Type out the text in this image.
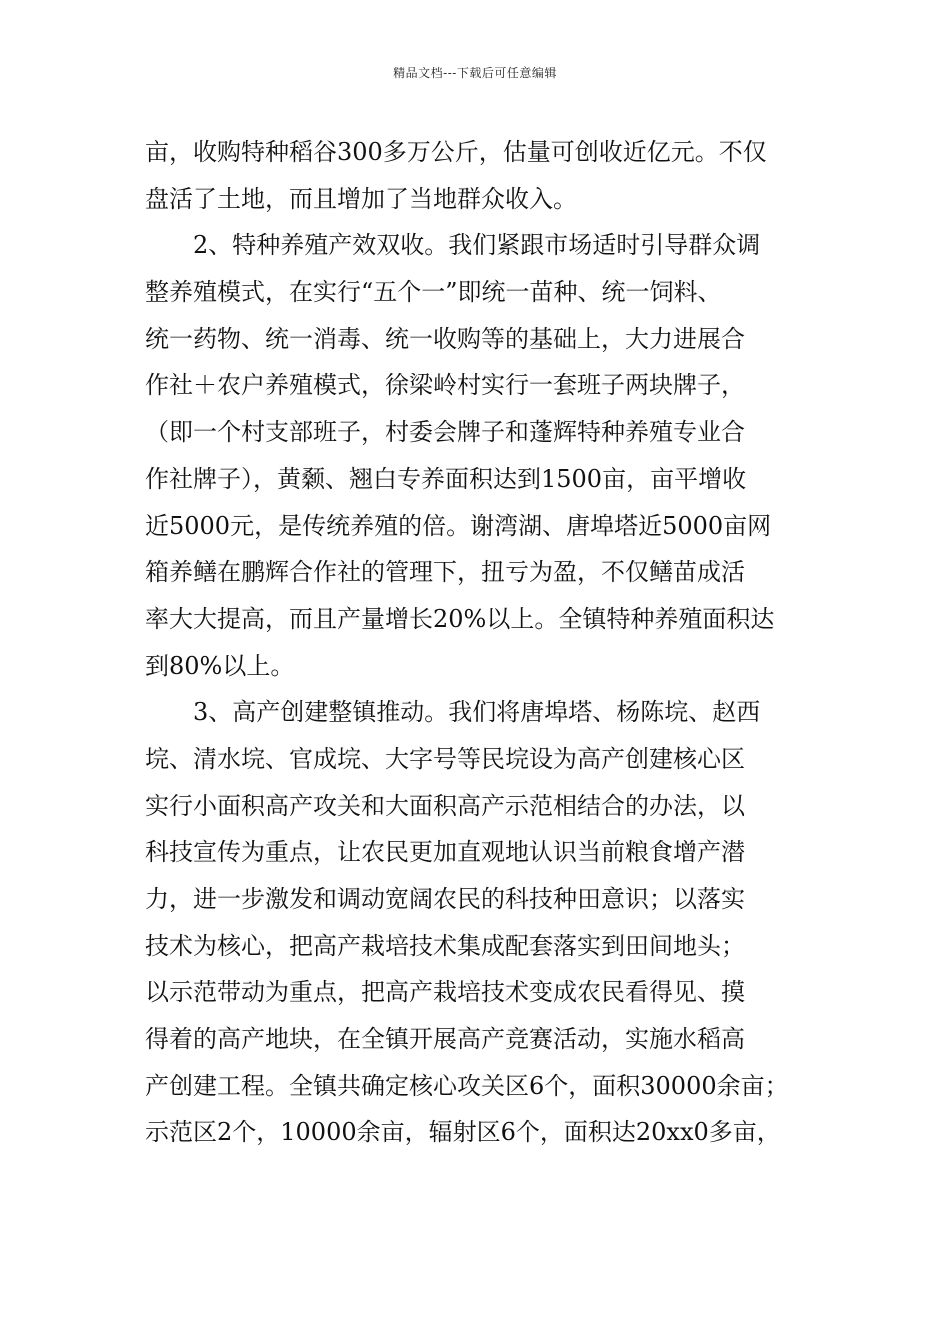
精品文档---下载后可任意编辑
亩，收购特种稻谷300多万公斤，估量可创收近亿元。不仅
盘活了土地，而且增加了当地群众收入。
2、特种养殖产效双收。我们紧跟市场适时引导群众调
整养殖模式，在实行“五个一”即统一苗种、统一饲料、
统一药物、统一消毒、统一收购等的基础上，大力进展合
作社＋农户养殖模式，徐梁岭村实行一套班子两块牌子，
（即一个村支部班子，村委会牌子和蓬辉特种养殖专业合
作社牌子），黄颡、翘白专养面积达到1500亩，亩平增收
近5000元，是传统养殖的倍。谢湾湖、唐埠塔近5000亩网
箱养鳝在鹏辉合作社的管理下，扭亏为盈，不仅鳝苗成活
率大大提高，而且产量增长20%以上。全镇特种养殖面积达
到80%以上。
3、高产创建整镇推动。我们将唐埠塔、杨陈垸、赵西
垸、清水垸、官成垸、大字号等民垸设为高产创建核心区
实行小面积高产攻关和大面积高产示范相结合的办法，以
科技宣传为重点，让农民更加直观地认识当前粮食增产潜
力，进一步激发和调动宽阔农民的科技种田意识；以落实
技术为核心，把高产栽培技术集成配套落实到田间地头；
以示范带动为重点，把高产栽培技术变成农民看得见、摸
得着的高产地块，在全镇开展高产竞赛活动，实施水稻高
产创建工程。全镇共确定核心攻关区6个，面积30000余亩；
示范区2个，10000余亩，辐射区6个，面积达20xx0多亩，
